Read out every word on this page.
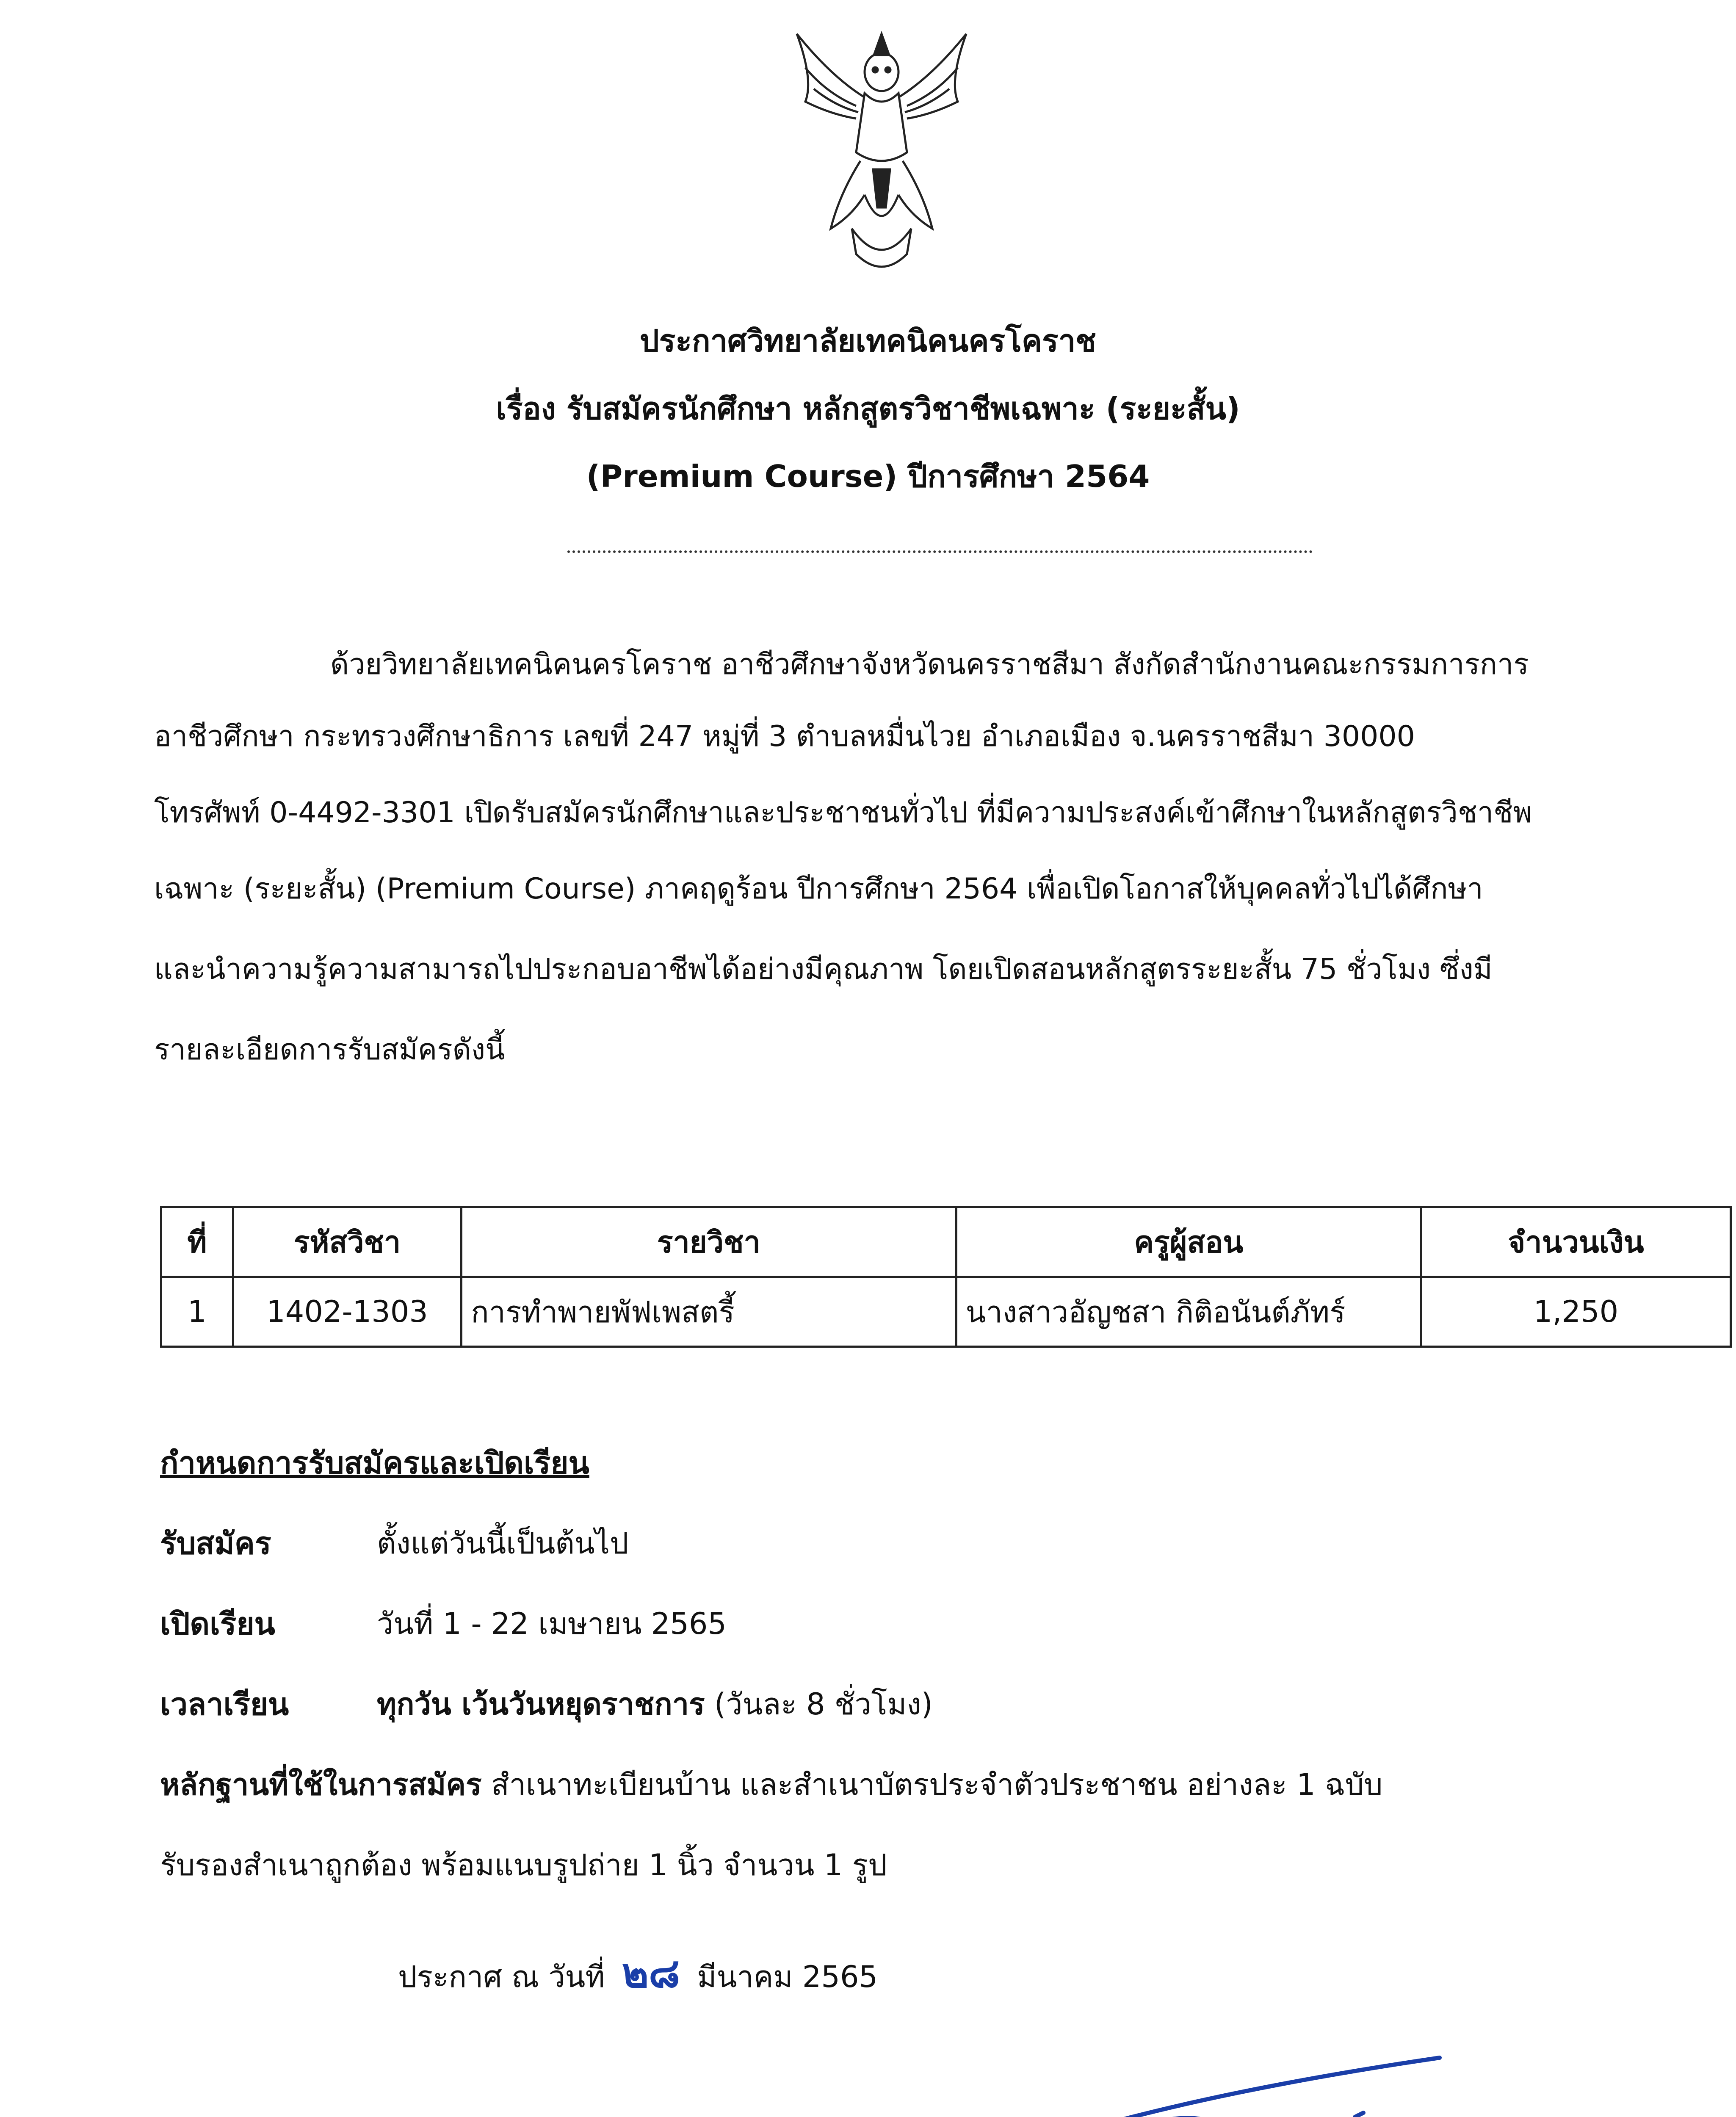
ประกาศวิทยาลัยเทคนิคนครโคราช
เรื่อง รับสมัครนักศึกษา หลักสูตรวิชาชีพเฉพาะ (ระยะสั้น)
(Premium Course) ปีการศึกษา 2564
ด้วยวิทยาลัยเทคนิคนครโคราช อาชีวศึกษาจังหวัดนครราชสีมา สังกัดสำนักงานคณะกรรมการการ
อาชีวศึกษา กระทรวงศึกษาธิการ เลขที่ 247 หมู่ที่ 3 ตำบลหมื่นไวย อำเภอเมือง จ.นครราชสีมา 30000
โทรศัพท์ 0-4492-3301 เปิดรับสมัครนักศึกษาและประชาชนทั่วไป ที่มีความประสงค์เข้าศึกษาในหลักสูตรวิชาชีพ
เฉพาะ (ระยะสั้น) (Premium Course) ภาคฤดูร้อน ปีการศึกษา 2564 เพื่อเปิดโอกาสให้บุคคลทั่วไปได้ศึกษา
และนำความรู้ความสามารถไปประกอบอาชีพได้อย่างมีคุณภาพ โดยเปิดสอนหลักสูตรระยะสั้น 75 ชั่วโมง ซึ่งมี
รายละเอียดการรับสมัครดังนี้
ที่	รหัสวิชา	รายวิชา	ครูผู้สอน	จำนวนเงิน
1	1402-1303	การทำพายพัฟเพสตรี้	นางสาวอัญชสา กิติอนันต์ภัทร์	1,250
กำหนดการรับสมัครและเปิดเรียน
รับสมัคร	ตั้งแต่วันนี้เป็นต้นไป
เปิดเรียน	วันที่ 1 - 22 เมษายน 2565
เวลาเรียน	ทุกวัน เว้นวันหยุดราชการ (วันละ 8 ชั่วโมง)
หลักฐานที่ใช้ในการสมัคร สำเนาทะเบียนบ้าน และสำเนาบัตรประจำตัวประชาชน อย่างละ 1 ฉบับ
รับรองสำเนาถูกต้อง พร้อมแนบรูปถ่าย 1 นิ้ว จำนวน 1 รูป
ประกาศ ณ วันที่ ๒๘ มีนาคม 2565
